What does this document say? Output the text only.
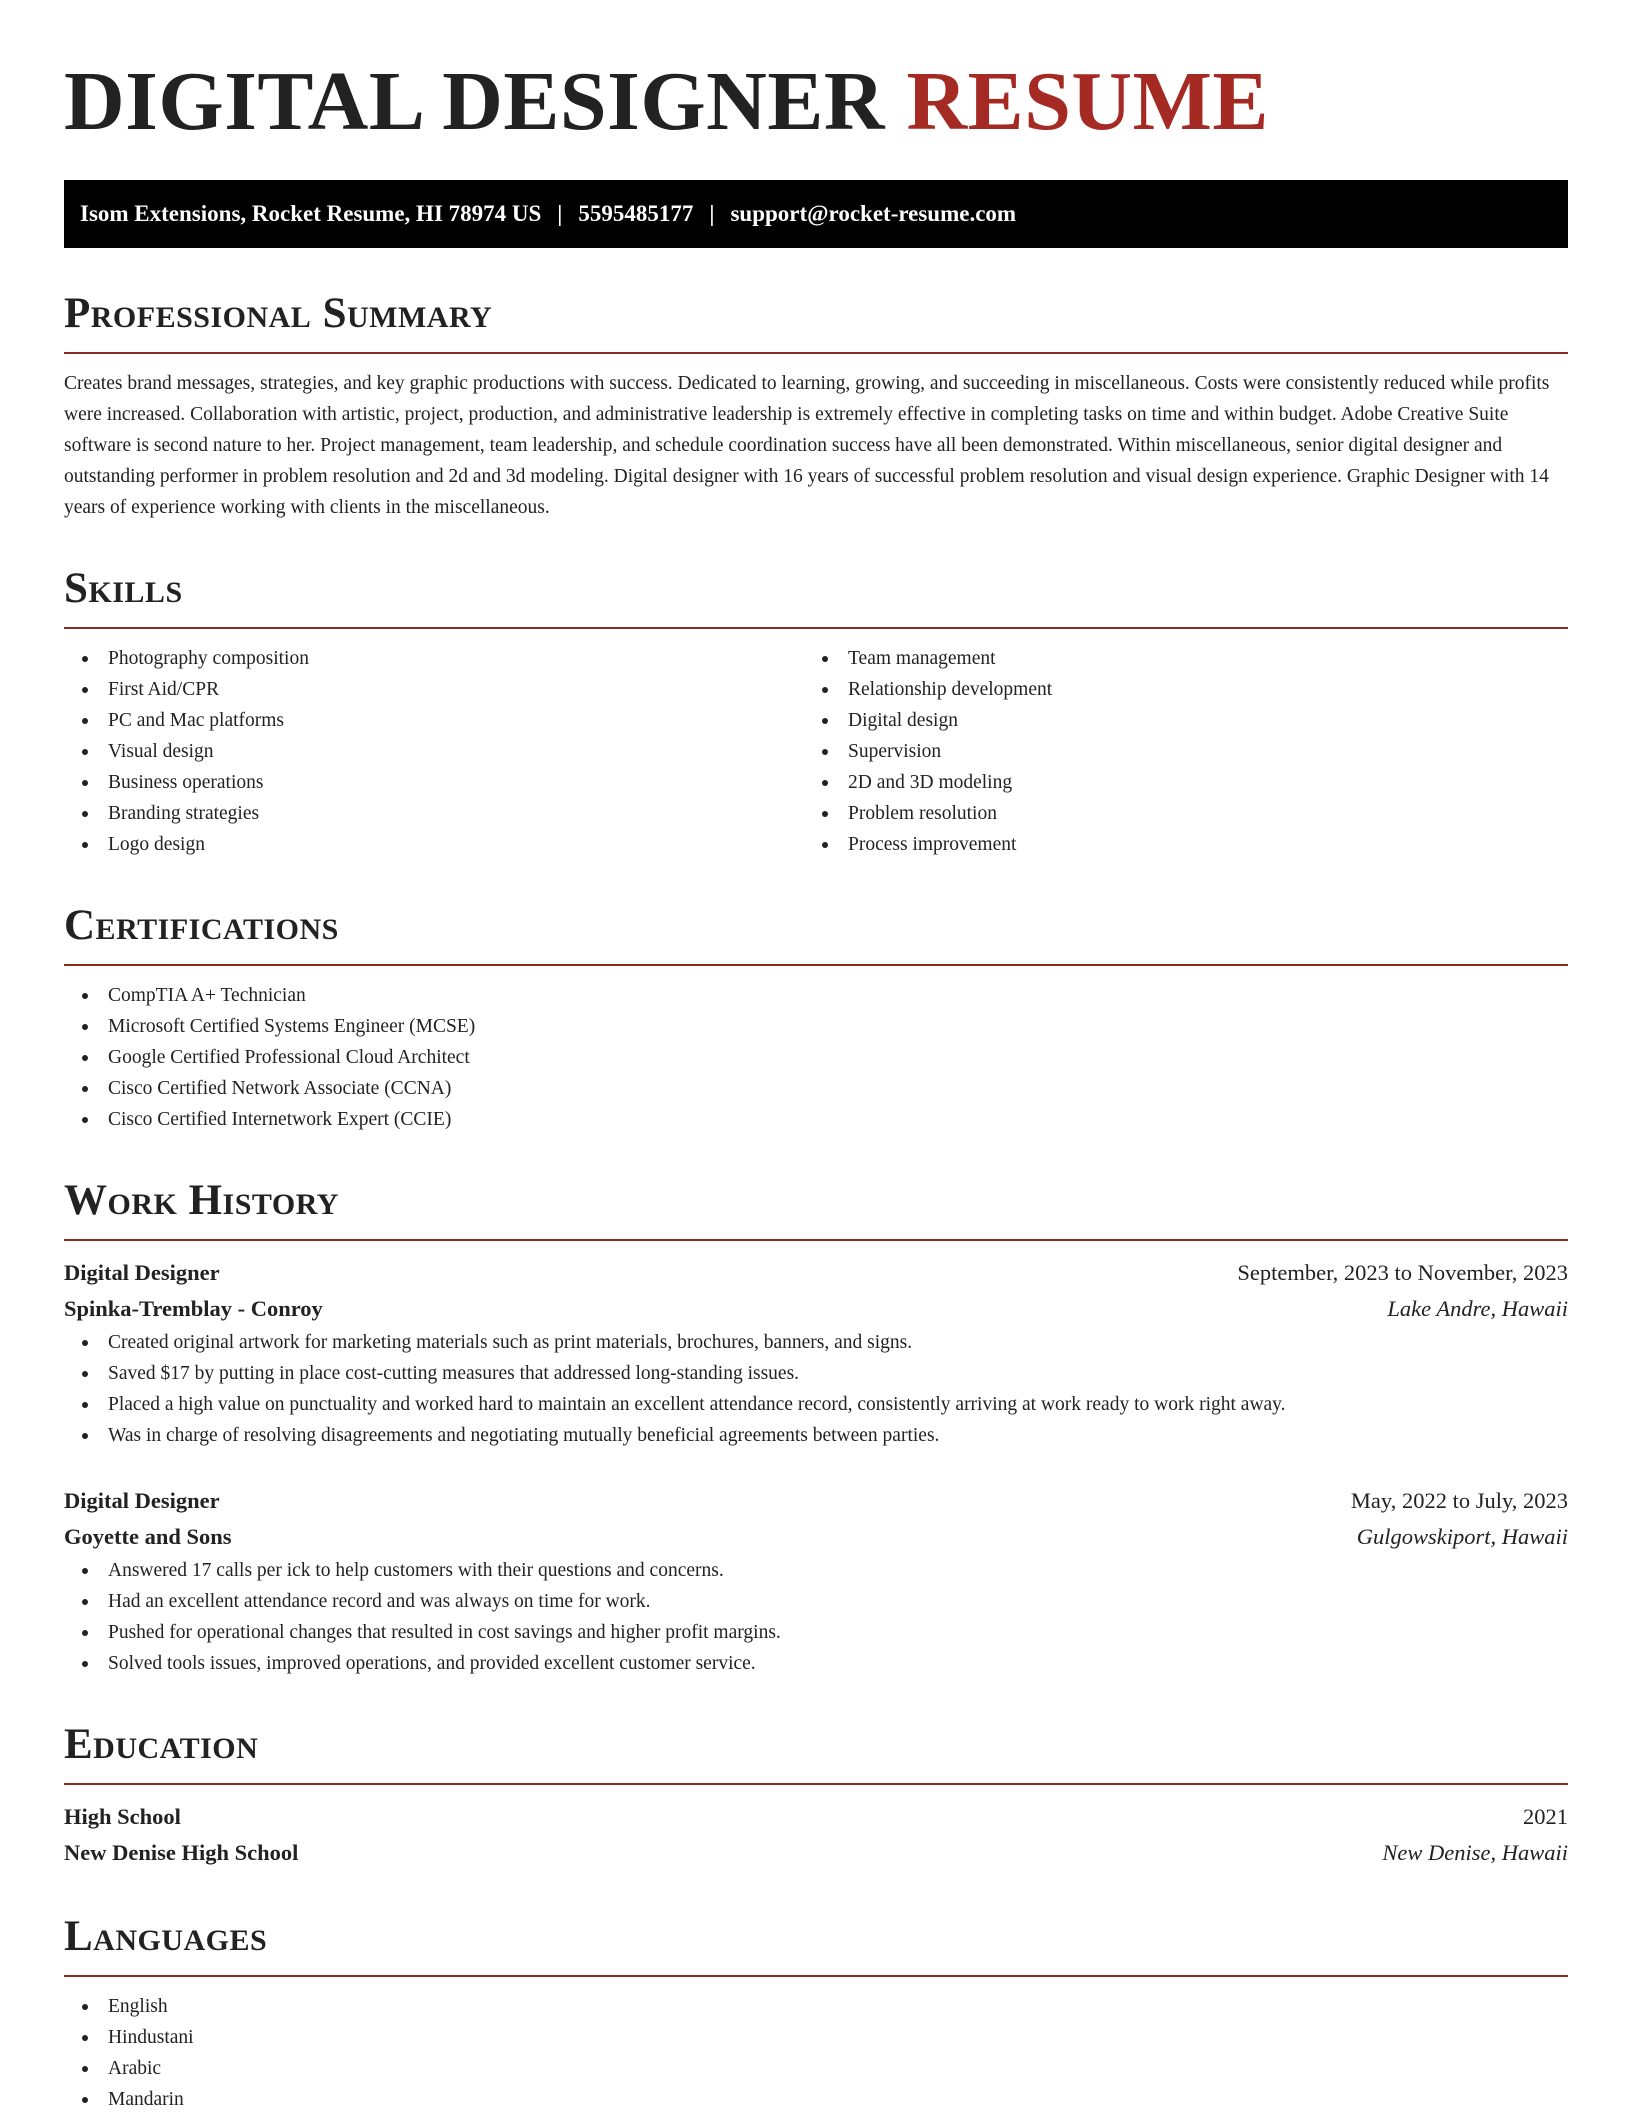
DIGITAL DESIGNER RESUME
Isom Extensions, Rocket Resume, HI 78974 US | 5595485177 | support@rocket-resume.com
Professional Summary

Creates brand messages, strategies, and key graphic productions with success. Dedicated to learning, growing, and succeeding in miscellaneous. Costs were consistently reduced while profits were increased. Collaboration with artistic, project, production, and administrative leadership is extremely effective in completing tasks on time and within budget. Adobe Creative Suite software is second nature to her. Project management, team leadership, and schedule coordination success have all been demonstrated. Within miscellaneous, senior digital designer and outstanding performer in problem resolution and 2d and 3d modeling. Digital designer with 16 years of successful problem resolution and visual design experience. Graphic Designer with 14 years of experience working with clients in the miscellaneous.

Skills
Photography composition
First Aid/CPR
PC and Mac platforms
Visual design
Business operations
Branding strategies
Logo design
Team management
Relationship development
Digital design
Supervision
2D and 3D modeling
Problem resolution
Process improvement
Certifications
CompTIA A+ Technician
Microsoft Certified Systems Engineer (MCSE)
Google Certified Professional Cloud Architect
Cisco Certified Network Associate (CCNA)
Cisco Certified Internetwork Expert (CCIE)
Work History
Digital Designer	September, 2023 to November, 2023
Spinka-Tremblay - Conroy	Lake Andre, Hawaii
Created original artwork for marketing materials such as print materials, brochures, banners, and signs.
Saved $17 by putting in place cost-cutting measures that addressed long-standing issues.
Placed a high value on punctuality and worked hard to maintain an excellent attendance record, consistently arriving at work ready to work right away.
Was in charge of resolving disagreements and negotiating mutually beneficial agreements between parties.
Digital Designer	May, 2022 to July, 2023
Goyette and Sons	Gulgowskiport, Hawaii
Answered 17 calls per ick to help customers with their questions and concerns.
Had an excellent attendance record and was always on time for work.
Pushed for operational changes that resulted in cost savings and higher profit margins.
Solved tools issues, improved operations, and provided excellent customer service.
Education
High School	2021
New Denise High School	New Denise, Hawaii
Languages
English
Hindustani
Arabic
Mandarin
